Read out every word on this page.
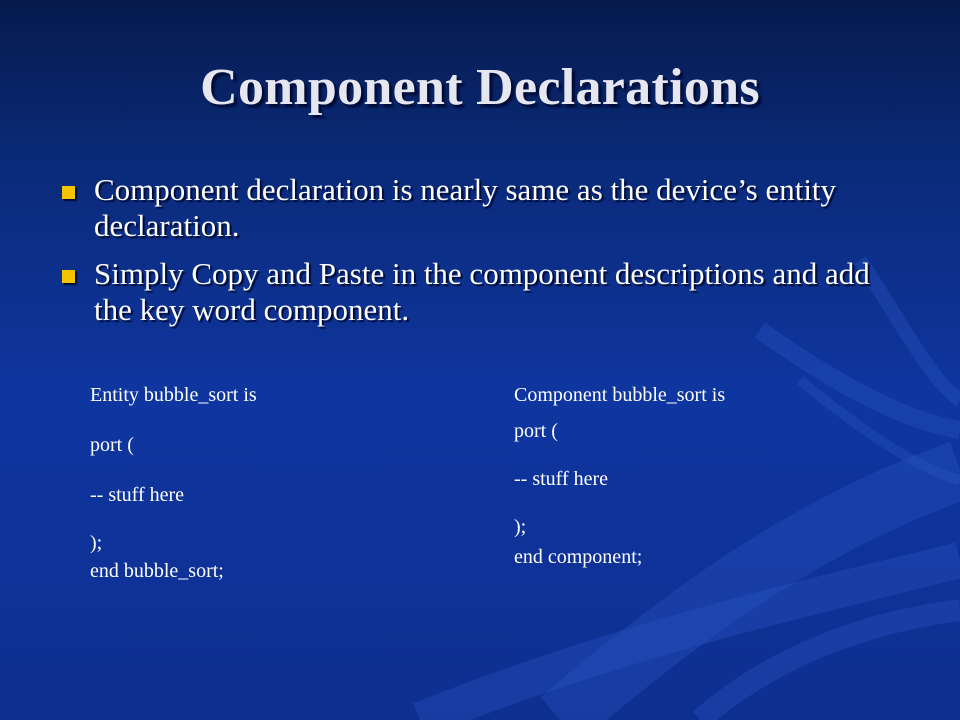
Component Declarations
Component declaration is nearly same as the device’s entity declaration.
Simply Copy and Paste in the component descriptions and add the key word component.
Entity bubble_sort is
port (
-- stuff here
);
end bubble_sort;
Component bubble_sort is
port (
-- stuff here
);
end component;
